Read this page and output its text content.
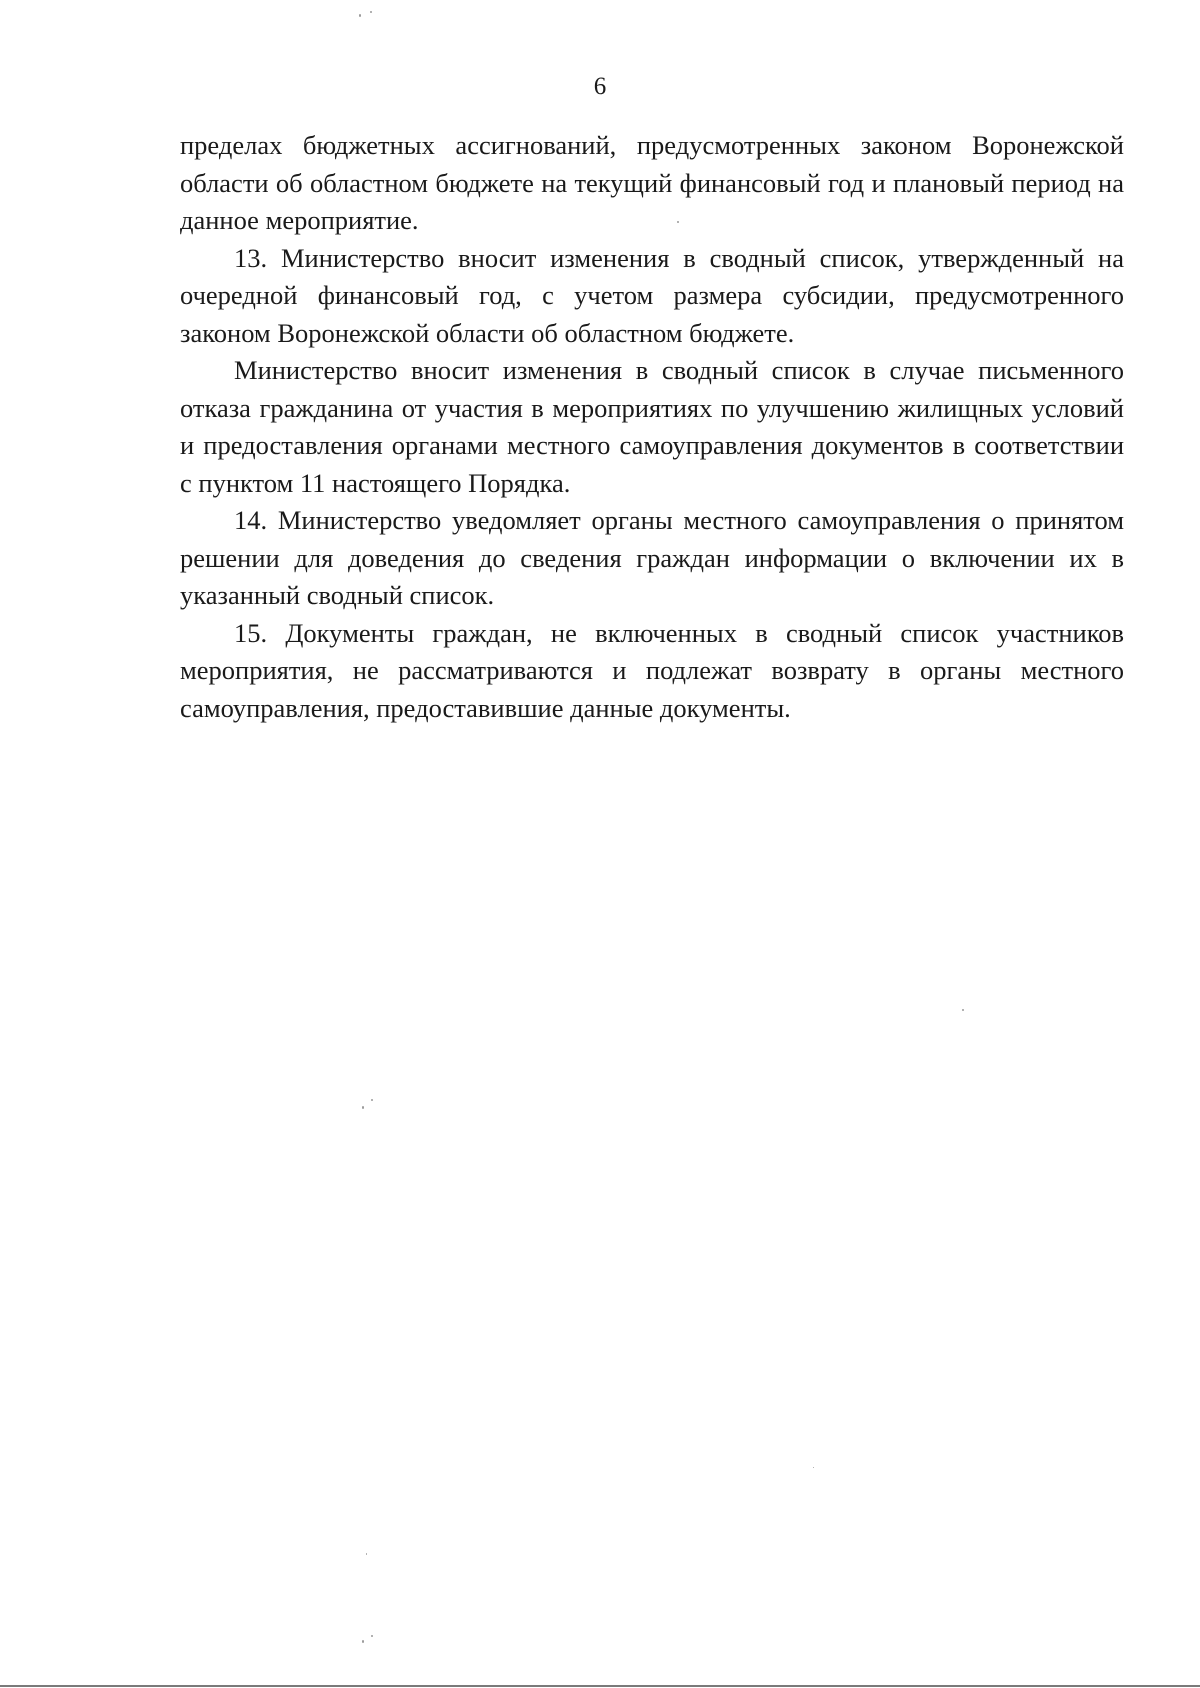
6

пределах бюджетных ассигнований, предусмотренных законом Воронежской области об областном бюджете на текущий финансовый год и плановый период на данное мероприятие.

13. Министерство вносит изменения в сводный список, утвержденный на очередной финансовый год, с учетом размера субсидии, предусмотренного законом Воронежской области об областном бюджете.

Министерство вносит изменения в сводный список в случае письменного отказа гражданина от участия в мероприятиях по улучшению жилищных условий и предоставления органами местного самоуправления документов в соответствии с пунктом 11 настоящего Порядка.

14. Министерство уведомляет органы местного самоуправления о принятом решении для доведения до сведения граждан информации о включении их в указанный сводный список.

15. Документы граждан, не включенных в сводный список участников мероприятия, не рассматриваются и подлежат возврату в органы местного самоуправления, предоставившие данные документы.
